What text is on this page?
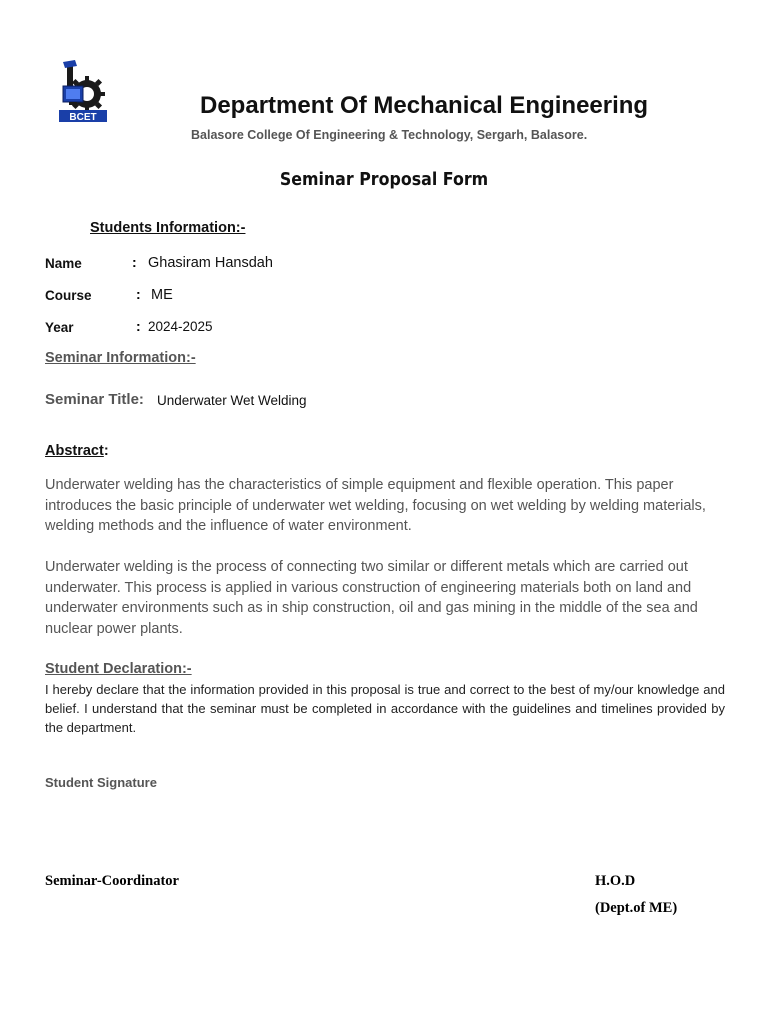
BCET	Department Of Mechanical Engineering
Balasore College Of Engineering & Technology, Sergarh, Balasore.
Seminar Proposal Form
Students Information:-
Name	: Ghasiram Hansdah
Course	: ME
Year	: 2024-2025
Seminar Information:-
Seminar Title: Underwater Wet Welding
Abstract:
Underwater welding has the characteristics of simple equipment and flexible operation. This paper introduces the basic principle of underwater wet welding, focusing on wet welding by welding materials, welding methods and the influence of water environment.
Underwater welding is the process of connecting two similar or different metals which are carried out underwater. This process is applied in various construction of engineering materials both on land and underwater environments such as in ship construction, oil and gas mining in the middle of the sea and nuclear power plants.
Student Declaration:-
I hereby declare that the information provided in this proposal is true and correct to the best of my/our knowledge and belief. I understand that the seminar must be completed in accordance with the guidelines and timelines provided by the department.
Student Signature
Seminar-Coordinator	H.O.D
(Dept.of ME)
